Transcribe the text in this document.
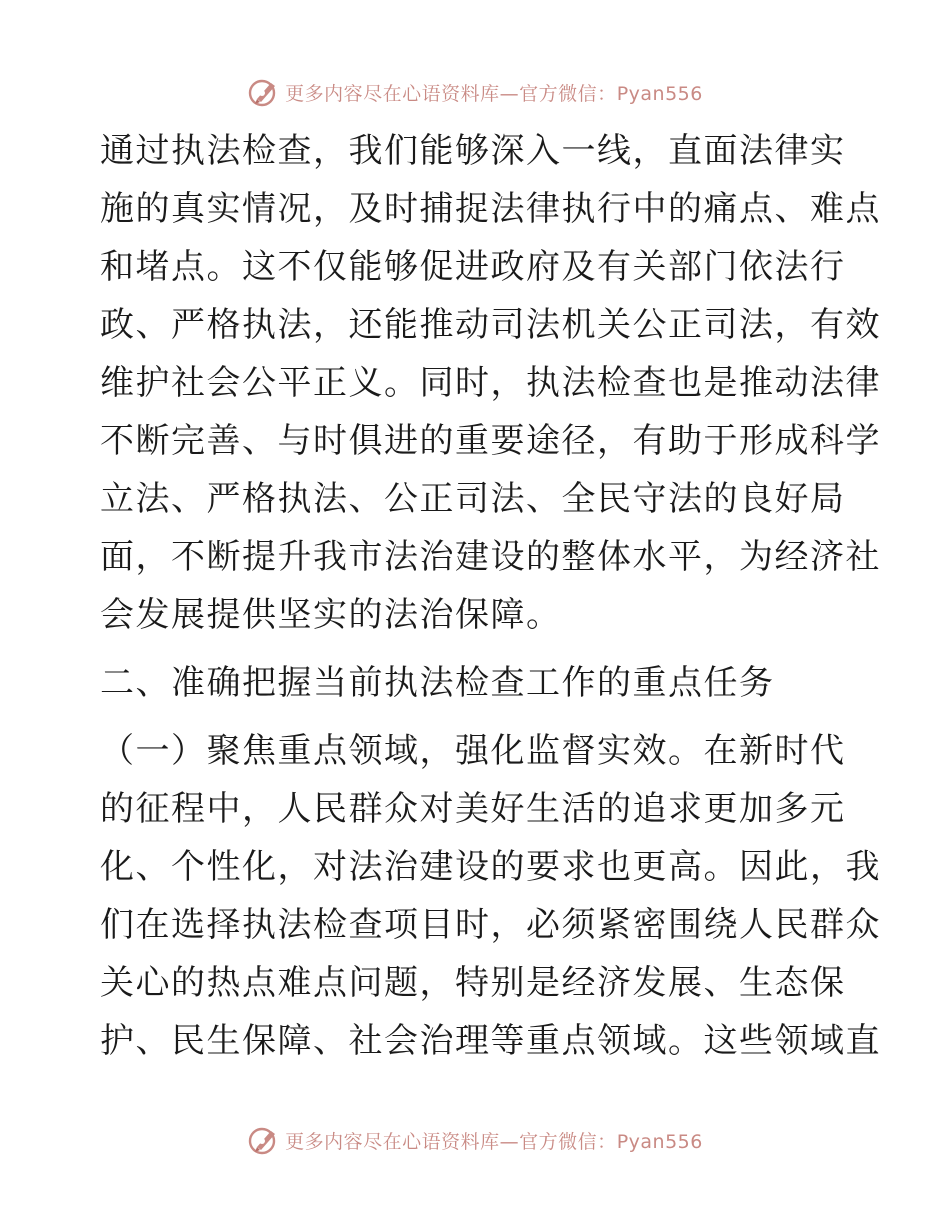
更多内容尽在心语资料库—官方微信：Pyan556
通过执法检查，我们能够深入一线，直面法律实
施的真实情况，及时捕捉法律执行中的痛点、难点
和堵点。这不仅能够促进政府及有关部门依法行
政、严格执法，还能推动司法机关公正司法，有效
维护社会公平正义。同时，执法检查也是推动法律
不断完善、与时俱进的重要途径，有助于形成科学
立法、严格执法、公正司法、全民守法的良好局
面，不断提升我市法治建设的整体水平，为经济社
会发展提供坚实的法治保障。
二、准确把握当前执法检查工作的重点任务
（一）聚焦重点领域，强化监督实效。在新时代
的征程中，人民群众对美好生活的追求更加多元
化、个性化，对法治建设的要求也更高。因此，我
们在选择执法检查项目时，必须紧密围绕人民群众
关心的热点难点问题，特别是经济发展、生态保
护、民生保障、社会治理等重点领域。这些领域直
更多内容尽在心语资料库—官方微信：Pyan556
